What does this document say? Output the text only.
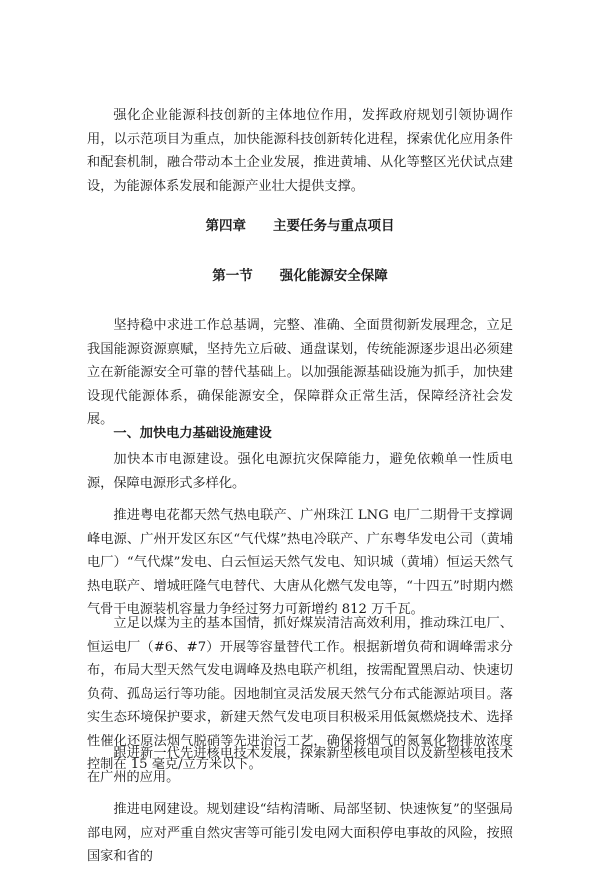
强化企业能源科技创新的主体地位作用，发挥政府规划引领协调作用，以示范项目为重点，加快能源科技创新转化进程，探索优化应用条件和配套机制，融合带动本土企业发展，推进黄埔、从化等整区光伏试点建设，为能源体系发展和能源产业壮大提供支撑。

第四章　　主要任务与重点项目

第一节　　强化能源安全保障

坚持稳中求进工作总基调，完整、准确、全面贯彻新发展理念，立足我国能源资源禀赋，坚持先立后破、通盘谋划，传统能源逐步退出必须建立在新能源安全可靠的替代基础上。以加强能源基础设施为抓手，加快建设现代能源体系，确保能源安全，保障群众正常生活，保障经济社会发展。

一、加快电力基础设施建设

加快本市电源建设。强化电源抗灾保障能力，避免依赖单一性质电源，保障电源形式多样化。

推进粤电花都天然气热电联产、广州珠江 LNG 电厂二期骨干支撑调峰电源、广州开发区东区“气代煤”热电冷联产、广东粤华发电公司（黄埔电厂）“气代煤”发电、白云恒运天然气发电、知识城（黄埔）恒运天然气热电联产、增城旺隆气电替代、大唐从化燃气发电等，“十四五”时期内燃气骨干电源装机容量力争经过努力可新增约 812 万千瓦。

立足以煤为主的基本国情，抓好煤炭清洁高效利用，推动珠江电厂、恒运电厂（#6、#7）开展等容量替代工作。根据新增负荷和调峰需求分布，布局大型天然气发电调峰及热电联产机组，按需配置黑启动、快速切负荷、孤岛运行等功能。因地制宜灵活发展天然气分布式能源站项目。落实生态环境保护要求，新建天然气发电项目积极采用低氮燃烧技术、选择性催化还原法烟气脱硝等先进治污工艺，确保将烟气的氮氧化物排放浓度控制在 15 毫克/立方米以下。

跟进新一代先进核电技术发展，探索新型核电项目以及新型核电技术在广州的应用。

推进电网建设。规划建设“结构清晰、局部坚韧、快速恢复”的坚强局部电网，应对严重自然灾害等可能引发电网大面积停电事故的风险，按照国家和省的
